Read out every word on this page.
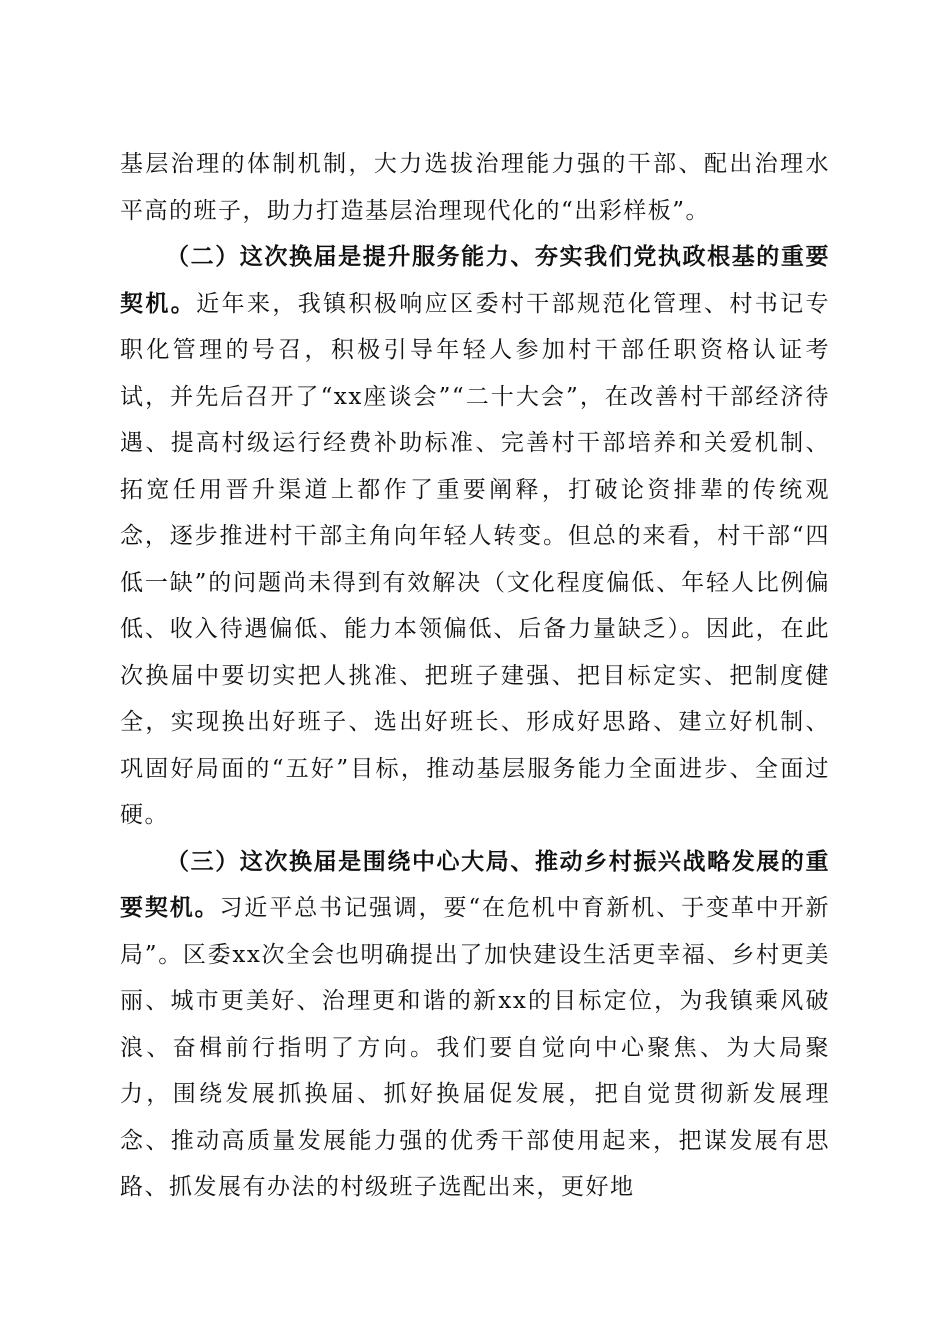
基层治理的体制机制，大力选拔治理能力强的干部、配出治理水平高的班子，助力打造基层治理现代化的“出彩样板”。

（二）这次换届是提升服务能力、夯实我们党执政根基的重要契机。近年来，我镇积极响应区委村干部规范化管理、村书记专职化管理的号召，积极引导年轻人参加村干部任职资格认证考试，并先后召开了“xx座谈会”“二十大会”，在改善村干部经济待遇、提高村级运行经费补助标准、完善村干部培养和关爱机制、拓宽任用晋升渠道上都作了重要阐释，打破论资排辈的传统观念，逐步推进村干部主角向年轻人转变。但总的来看，村干部“四低一缺”的问题尚未得到有效解决（文化程度偏低、年轻人比例偏低、收入待遇偏低、能力本领偏低、后备力量缺乏）。因此，在此次换届中要切实把人挑准、把班子建强、把目标定实、把制度健全，实现换出好班子、选出好班长、形成好思路、建立好机制、巩固好局面的“五好”目标，推动基层服务能力全面进步、全面过硬。

（三）这次换届是围绕中心大局、推动乡村振兴战略发展的重要契机。习近平总书记强调，要“在危机中育新机、于变革中开新局”。区委xx次全会也明确提出了加快建设生活更幸福、乡村更美丽、城市更美好、治理更和谐的新xx的目标定位，为我镇乘风破浪、奋楫前行指明了方向。我们要自觉向中心聚焦、为大局聚力，围绕发展抓换届、抓好换届促发展，把自觉贯彻新发展理念、推动高质量发展能力强的优秀干部使用起来，把谋发展有思路、抓发展有办法的村级班子选配出来，更好地
